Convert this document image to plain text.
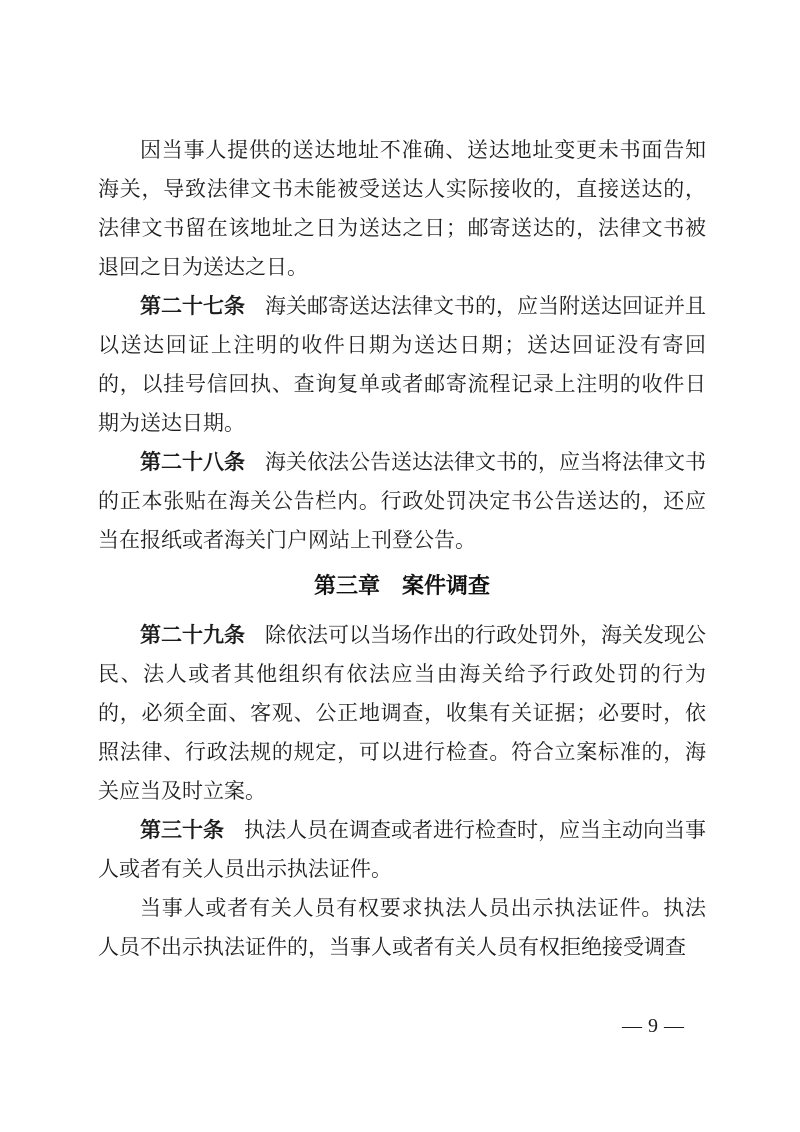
因当事人提供的送达地址不准确、送达地址变更未书面告知海关，导致法律文书未能被受送达人实际接收的，直接送达的，法律文书留在该地址之日为送达之日；邮寄送达的，法律文书被退回之日为送达之日。

第二十七条 海关邮寄送达法律文书的，应当附送达回证并且以送达回证上注明的收件日期为送达日期；送达回证没有寄回的，以挂号信回执、查询复单或者邮寄流程记录上注明的收件日期为送达日期。

第二十八条 海关依法公告送达法律文书的，应当将法律文书的正本张贴在海关公告栏内。行政处罚决定书公告送达的，还应当在报纸或者海关门户网站上刊登公告。

第三章　案件调查

第二十九条 除依法可以当场作出的行政处罚外，海关发现公民、法人或者其他组织有依法应当由海关给予行政处罚的行为的，必须全面、客观、公正地调查，收集有关证据；必要时，依照法律、行政法规的规定，可以进行检查。符合立案标准的，海关应当及时立案。

第三十条 执法人员在调查或者进行检查时，应当主动向当事人或者有关人员出示执法证件。

当事人或者有关人员有权要求执法人员出示执法证件。执法人员不出示执法证件的，当事人或者有关人员有权拒绝接受调查

— 9 —
